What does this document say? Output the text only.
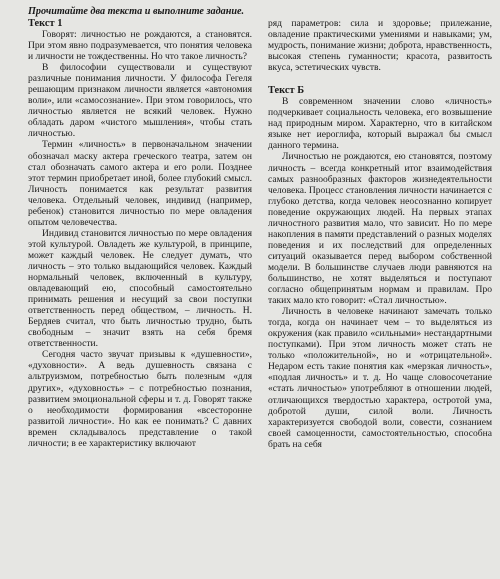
Прочитайте два текста и выполните задание.
Текст 1

Говорят: личностью не рождаются, а становятся. При этом явно подразумевается, что понятия человека и личности не тождественны. Но что такое личность?

В философии существовали и существуют различные понимания личности. У философа Гегеля решающим признаком личности является «автономия воли», или «самосознание». При этом говорилось, что личностью является не всякий человек. Нужно обладать даром «чистого мышления», чтобы стать личностью.

Термин «личность» в первоначальном значении обозначал маску актера греческого театра, затем он стал обозначать самого актера и его роли. Позднее этот термин приобретает иной, более глубокий смысл. Личность понимается как результат развития человека. Отдельный человек, индивид (например, ребенок) становится личностью по мере овладения опытом человечества.

Индивид становится личностью по мере овладения этой культурой. Овладеть же культурой, в принципе, может каждый человек. Не следует думать, что личность – это только выдающийся человек. Каждый нормальный человек, включенный в культуру, овладевающий ею, способный самостоятельно принимать решения и несущий за свои поступки ответственность перед обществом, – личность. Н. Бердяев считал, что быть личностью трудно, быть свободным – значит взять на себя бремя ответственности.

Сегодня часто звучат призывы к «душевности», «духовности». А ведь душевность связана с альтруизмом, потребностью быть полезным «для других», «духовность» – с потребностью познания, развитием эмоциональной сферы и т. д. Говорят также о необходимости формирования «всесторонне развитой личности». Но как ее понимать? С давних времен складывалось представление о такой личности; в ее характеристику включают

ряд параметров: сила и здоровье; прилежание, овладение практическими умениями и навыками; ум, мудрость, понимание жизни; доброта, нравственность, высокая степень гуманности; красота, развитость вкуса, эстетических чувств.

Текст Б

В современном значении слово «личность» подчеркивает социальность человека, его возвышение над природным миром. Характерно, что в китайском языке нет иероглифа, который выражал бы смысл данного термина.

Личностью не рождаются, ею становятся, поэтому личность – всегда конкретный итог взаимодействия самых разнообразных факторов жизнедеятельности человека. Процесс становления личности начинается с глубоко детства, когда человек неосознанно копирует поведение окружающих людей. На первых этапах личностного развития мало, что зависит. Но по мере накопления в памяти представлений о разных моделях поведения и их последствий для определенных ситуаций оказывается перед выбором собственной модели. В большинстве случаев люди равняются на большинство, не хотят выделяться и поступают согласно общепринятым нормам и правилам. Про таких мало кто говорит: «Стал личностью».

Личность в человеке начинают замечать только тогда, когда он начинает чем – то выделяться из окружения (как правило «сильными» нестандартными поступками). При этом личность может стать не только «положительной», но и «отрицательной». Недаром есть такие понятия как «мерзкая личность», «подлая личность» и т. д. Но чаще словосочетание «стать личностью» употребляют в отношении людей, отличающихся твердостью характера, остротой ума, добротой души, силой воли. Личность характеризуется свободой воли, совести, сознанием своей самоценности, самостоятельностью, способна брать на себя
